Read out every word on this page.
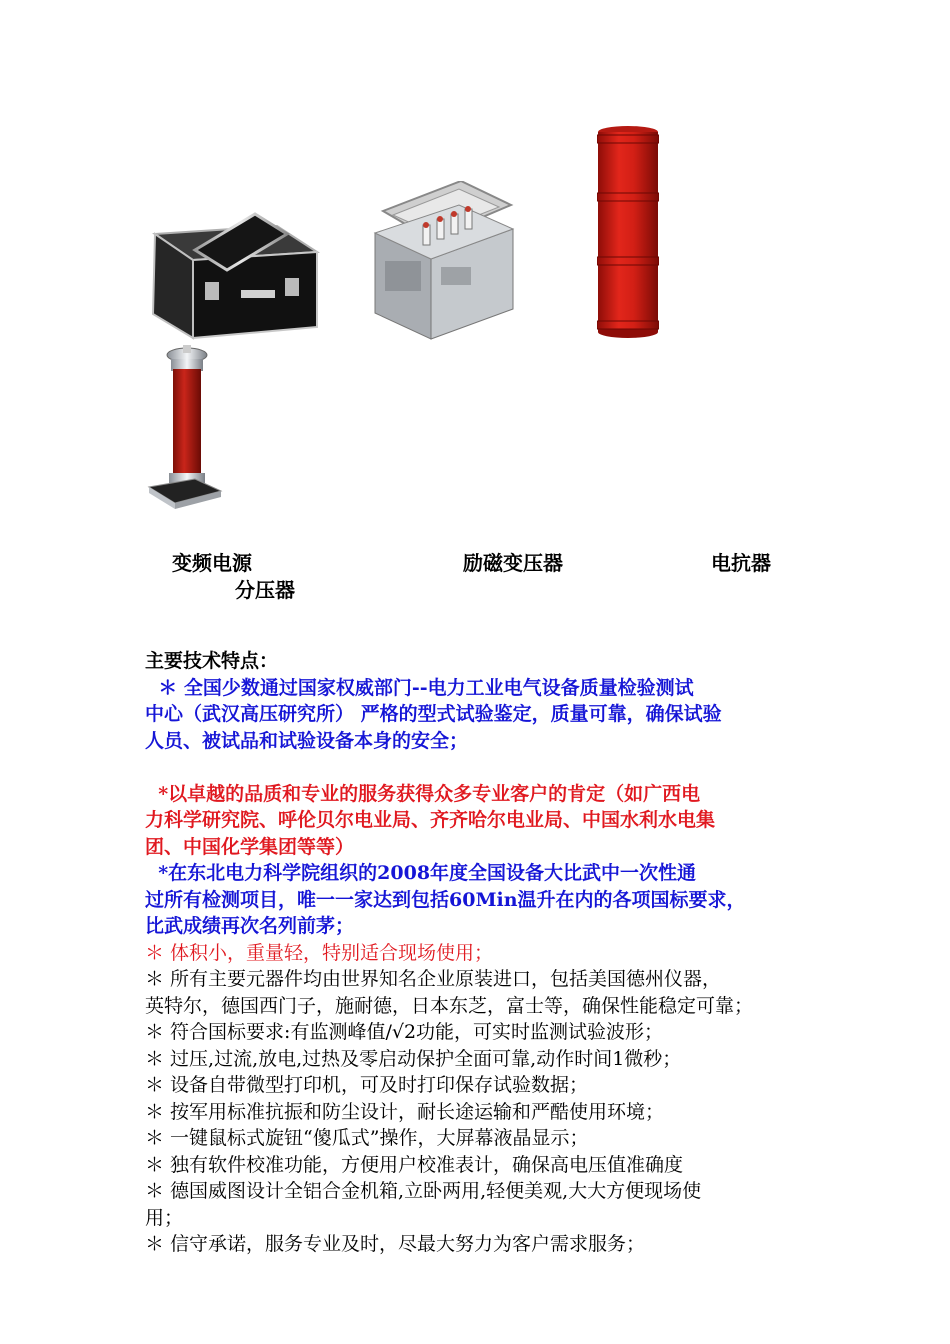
变频电源	励磁变压器	电抗器
分压器
主要技术特点：
＊ 全国少数通过国家权威部门--电力工业电气设备质量检验测试
中心（武汉高压研究所） 严格的型式试验鉴定，质量可靠，确保试验
人员、被试品和试验设备本身的安全；
*以卓越的品质和专业的服务获得众多专业客户的肯定（如广西电
力科学研究院、呼伦贝尔电业局、齐齐哈尔电业局、中国水利水电集
团、中国化学集团等等）
*在东北电力科学院组织的2008年度全国设备大比武中一次性通
过所有检测项目，唯一一家达到包括60Min温升在内的各项国标要求，
比武成绩再次名列前茅；
＊ 体积小，重量轻，特别适合现场使用；
＊ 所有主要元器件均由世界知名企业原装进口，包括美国德州仪器，
英特尔，德国西门子，施耐德，日本东芝，富士等，确保性能稳定可靠；
＊ 符合国标要求:有监测峰值/√2功能，可实时监测试验波形；
＊ 过压,过流,放电,过热及零启动保护全面可靠,动作时间1微秒；
＊ 设备自带微型打印机，可及时打印保存试验数据；
＊ 按军用标准抗振和防尘设计，耐长途运输和严酷使用环境；
＊ 一键鼠标式旋钮“傻瓜式”操作，大屏幕液晶显示；
＊ 独有软件校准功能，方便用户校准表计，确保高电压值准确度
＊ 德国威图设计全铝合金机箱,立卧两用,轻便美观,大大方便现场使
用；
＊ 信守承诺，服务专业及时，尽最大努力为客户需求服务；
